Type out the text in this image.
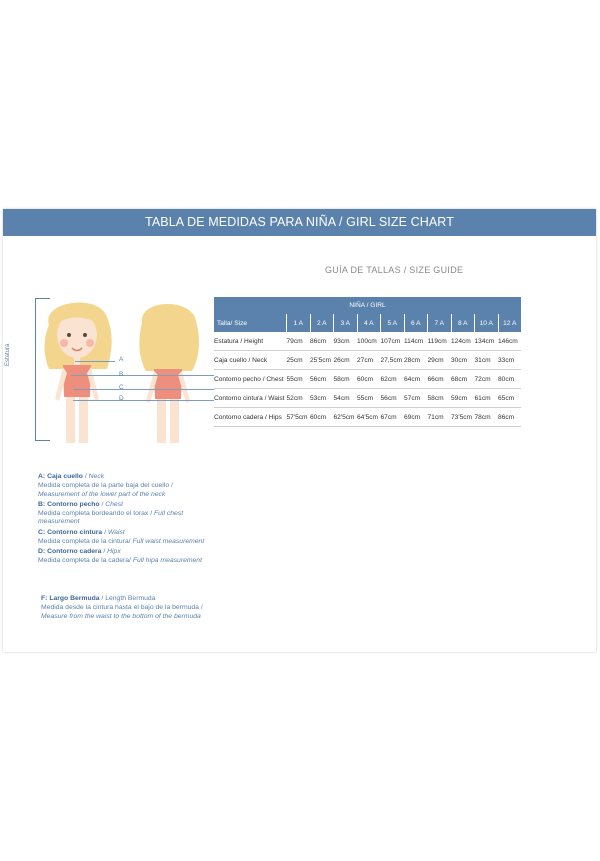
TABLA DE MEDIDAS PARA NIÑA / GIRL SIZE CHART
GUÍA DE TALLAS / SIZE GUIDE
Estatura	A
B
C
D
NIÑA / GIRL										
Talla/ Size	1 A	2 A	3 A	4 A	5 A	6 A	7 A	8 A	10 A	12 A
Estatura / Height	79cm	86cm	93cm	100cm	107cm	114cm	119cm	124cm	134cm	146cm
Caja cuello / Neck	25cm	25'5cm	26cm	27cm	27,5cm	28cm	29cm	30cm	31cm	33cm
Contorno pecho / Chest	55cm	56cm	58cm	60cm	62cm	64cm	66cm	68cm	72cm	80cm
Contorno cintura / Waist	52cm	53cm	54cm	55cm	56cm	57cm	58cm	59cm	61cm	65cm
Contorno cadera / Hips	57'5cm	60cm	62'5cm	64'5cm	67cm	69cm	71cm	73'5cm	78cm	86cm
A: Caja cuello / Neck
Medida completa de la parte baja del cuello / Measurement of the lower part of the neck
B: Contorno pecho / Chest
Medida completa bordeando el torax / Full chest measurement
C: Contorno cintura / Waist
Medida completa de la cintura/ Full waist measurement
D: Contorno cadera / Hipx
Medida completa de la cadera/ Full hipa measurement
F: Largo Bermuda / Length Bermuda
Medida desde la cintura hasta el bajo de la bermuda / Measure from the waist to the bottom of the bermuda
